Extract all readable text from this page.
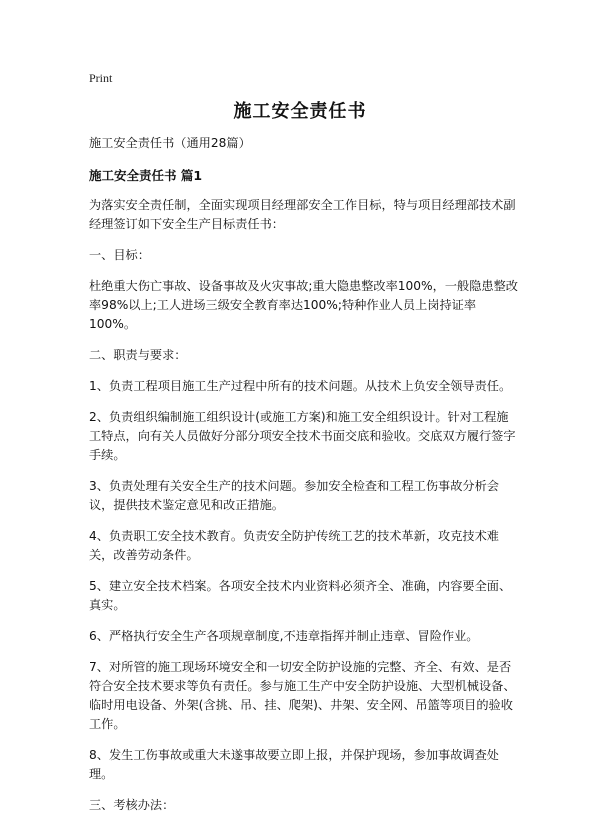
Print
施工安全责任书

施工安全责任书（通用28篇）

施工安全责任书 篇1

为落实安全责任制，全面实现项目经理部安全工作目标，特与项目经理部技术副经理签订如下安全生产目标责任书：

一、目标：

杜绝重大伤亡事故、设备事故及火灾事故;重大隐患整改率100%，一般隐患整改率98%以上;工人进场三级安全教育率达100%;特种作业人员上岗持证率100%。

二、职责与要求：

1、负责工程项目施工生产过程中所有的技术问题。从技术上负安全领导责任。

2、负责组织编制施工组织设计(或施工方案)和施工安全组织设计。针对工程施工特点，向有关人员做好分部分项安全技术书面交底和验收。交底双方履行签字手续。

3、负责处理有关安全生产的技术问题。参加安全检查和工程工伤事故分析会议，提供技术鉴定意见和改正措施。

4、负责职工安全技术教育。负责安全防护传统工艺的技术革新，攻克技术难关，改善劳动条件。

5、建立安全技术档案。各项安全技术内业资料必须齐全、准确，内容要全面、真实。

6、严格执行安全生产各项规章制度,不违章指挥并制止违章、冒险作业。

7、对所管的施工现场环境安全和一切安全防护设施的完整、齐全、有效、是否符合安全技术要求等负有责任。参与施工生产中安全防护设施、大型机械设备、临时用电设备、外架(含挑、吊、挂、爬架)、井架、安全网、吊篮等项目的验收工作。

8、发生工伤事故或重大未遂事故要立即上报，并保护现场，参加事故调查处理。

三、考核办法：
